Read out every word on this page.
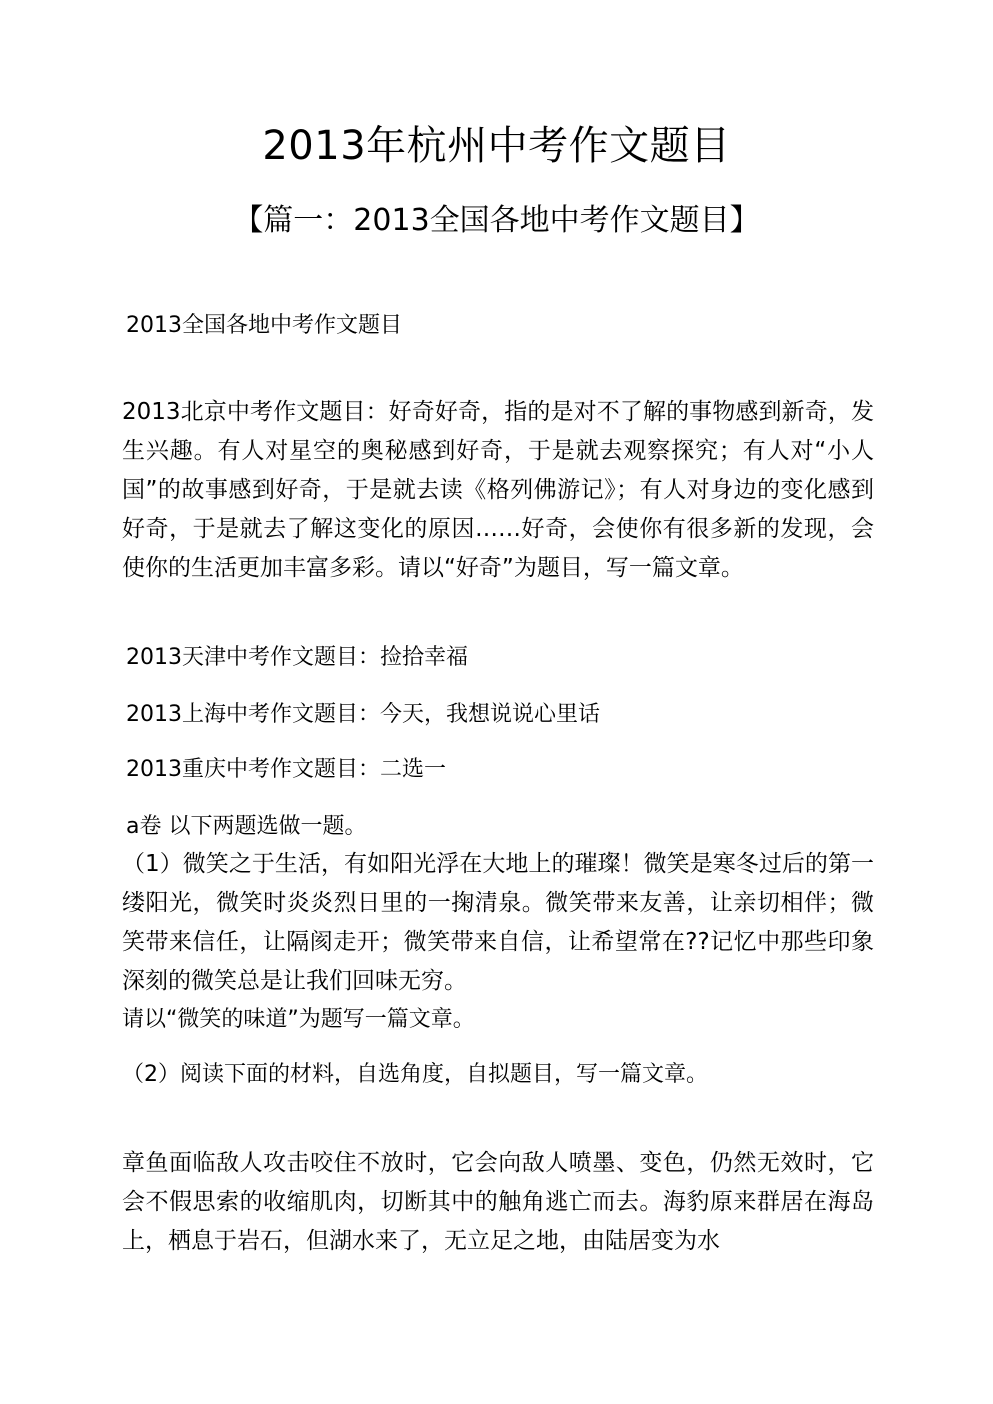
2013年杭州中考作文题目
【篇一：2013全国各地中考作文题目】

2013全国各地中考作文题目

2013北京中考作文题目：好奇好奇，指的是对不了解的事物感到新奇，发生兴趣。有人对星空的奥秘感到好奇，于是就去观察探究；有人对“小人国”的故事感到好奇，于是就去读《格列佛游记》；有人对身边的变化感到好奇，于是就去了解这变化的原因……好奇，会使你有很多新的发现，会使你的生活更加丰富多彩。请以“好奇”为题目，写一篇文章。

2013天津中考作文题目：捡拾幸福

2013上海中考作文题目：今天，我想说说心里话

2013重庆中考作文题目：二选一

a卷 以下两题选做一题。

（1）微笑之于生活，有如阳光浮在大地上的璀璨！微笑是寒冬过后的第一缕阳光，微笑时炎炎烈日里的一掬清泉。微笑带来友善，让亲切相伴；微笑带来信任，让隔阂走开；微笑带来自信，让希望常在??记忆中那些印象深刻的微笑总是让我们回味无穷。

请以“微笑的味道”为题写一篇文章。

（2）阅读下面的材料，自选角度，自拟题目，写一篇文章。

章鱼面临敌人攻击咬住不放时，它会向敌人喷墨、变色，仍然无效时，它会不假思索的收缩肌肉，切断其中的触角逃亡而去。海豹原来群居在海岛上，栖息于岩石，但湖水来了，无立足之地，由陆居变为水
